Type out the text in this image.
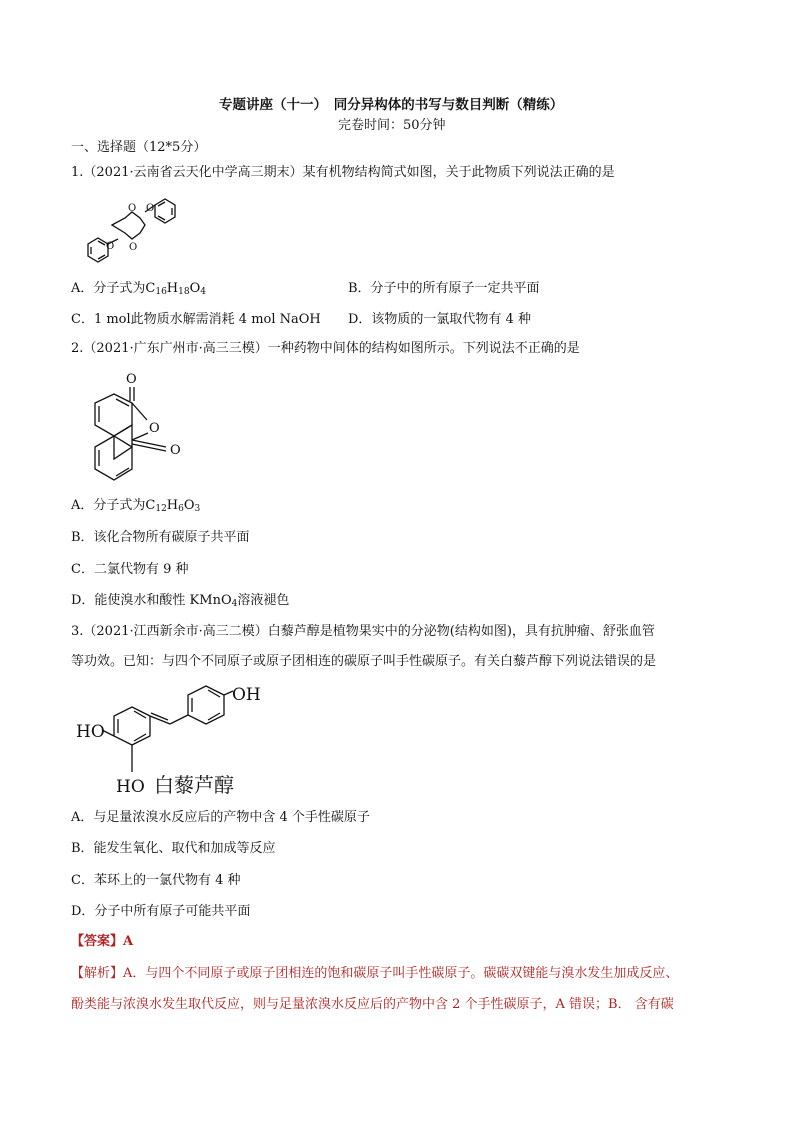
专题讲座（十一）　同分异构体的书写与数目判断（精练）
完卷时间：50分钟
一、选择题（12*5分）
1.（2021·云南省云天化中学高三期末）某有机物结构简式如图，关于此物质下列说法正确的是
O O
O
O
A．分子式为$C_{16}H_{18}O_4$	B．分子中的所有原子一定共平面
C．1 mol此物质水解需消耗 4 mol NaOH D．该物质的一氯取代物有 4 种
2.（2021·广东广州市·高三三模）一种药物中间体的结构如图所示。下列说法不正确的是
O
O
O
A．分子式为$C_{12}H_6O_3$
B．该化合物所有碳原子共平面
C．二氯代物有 9 种
D．能使溴水和酸性 KMnO$_4$溶液褪色
3.（2021·江西新余市·高三二模）白藜芦醇是植物果实中的分泌物(结构如图)，具有抗肿瘤、舒张血管
等功效。已知：与四个不同原子或原子团相连的碳原子叫手性碳原子。有关白藜芦醇下列说法错误的是
OH
HO
HO 白藜芦醇
A．与足量浓溴水反应后的产物中含 4 个手性碳原子
B．能发生氧化、取代和加成等反应
C．苯环上的一氯代物有 4 种
D．分子中所有原子可能共平面
【答案】A
【解析】A．与四个不同原子或原子团相连的饱和碳原子叫手性碳原子。碳碳双键能与溴水发生加成反应、
酚类能与浓溴水发生取代反应，则与足量浓溴水反应后的产物中含 2 个手性碳原子，A 错误；B． 含有碳
